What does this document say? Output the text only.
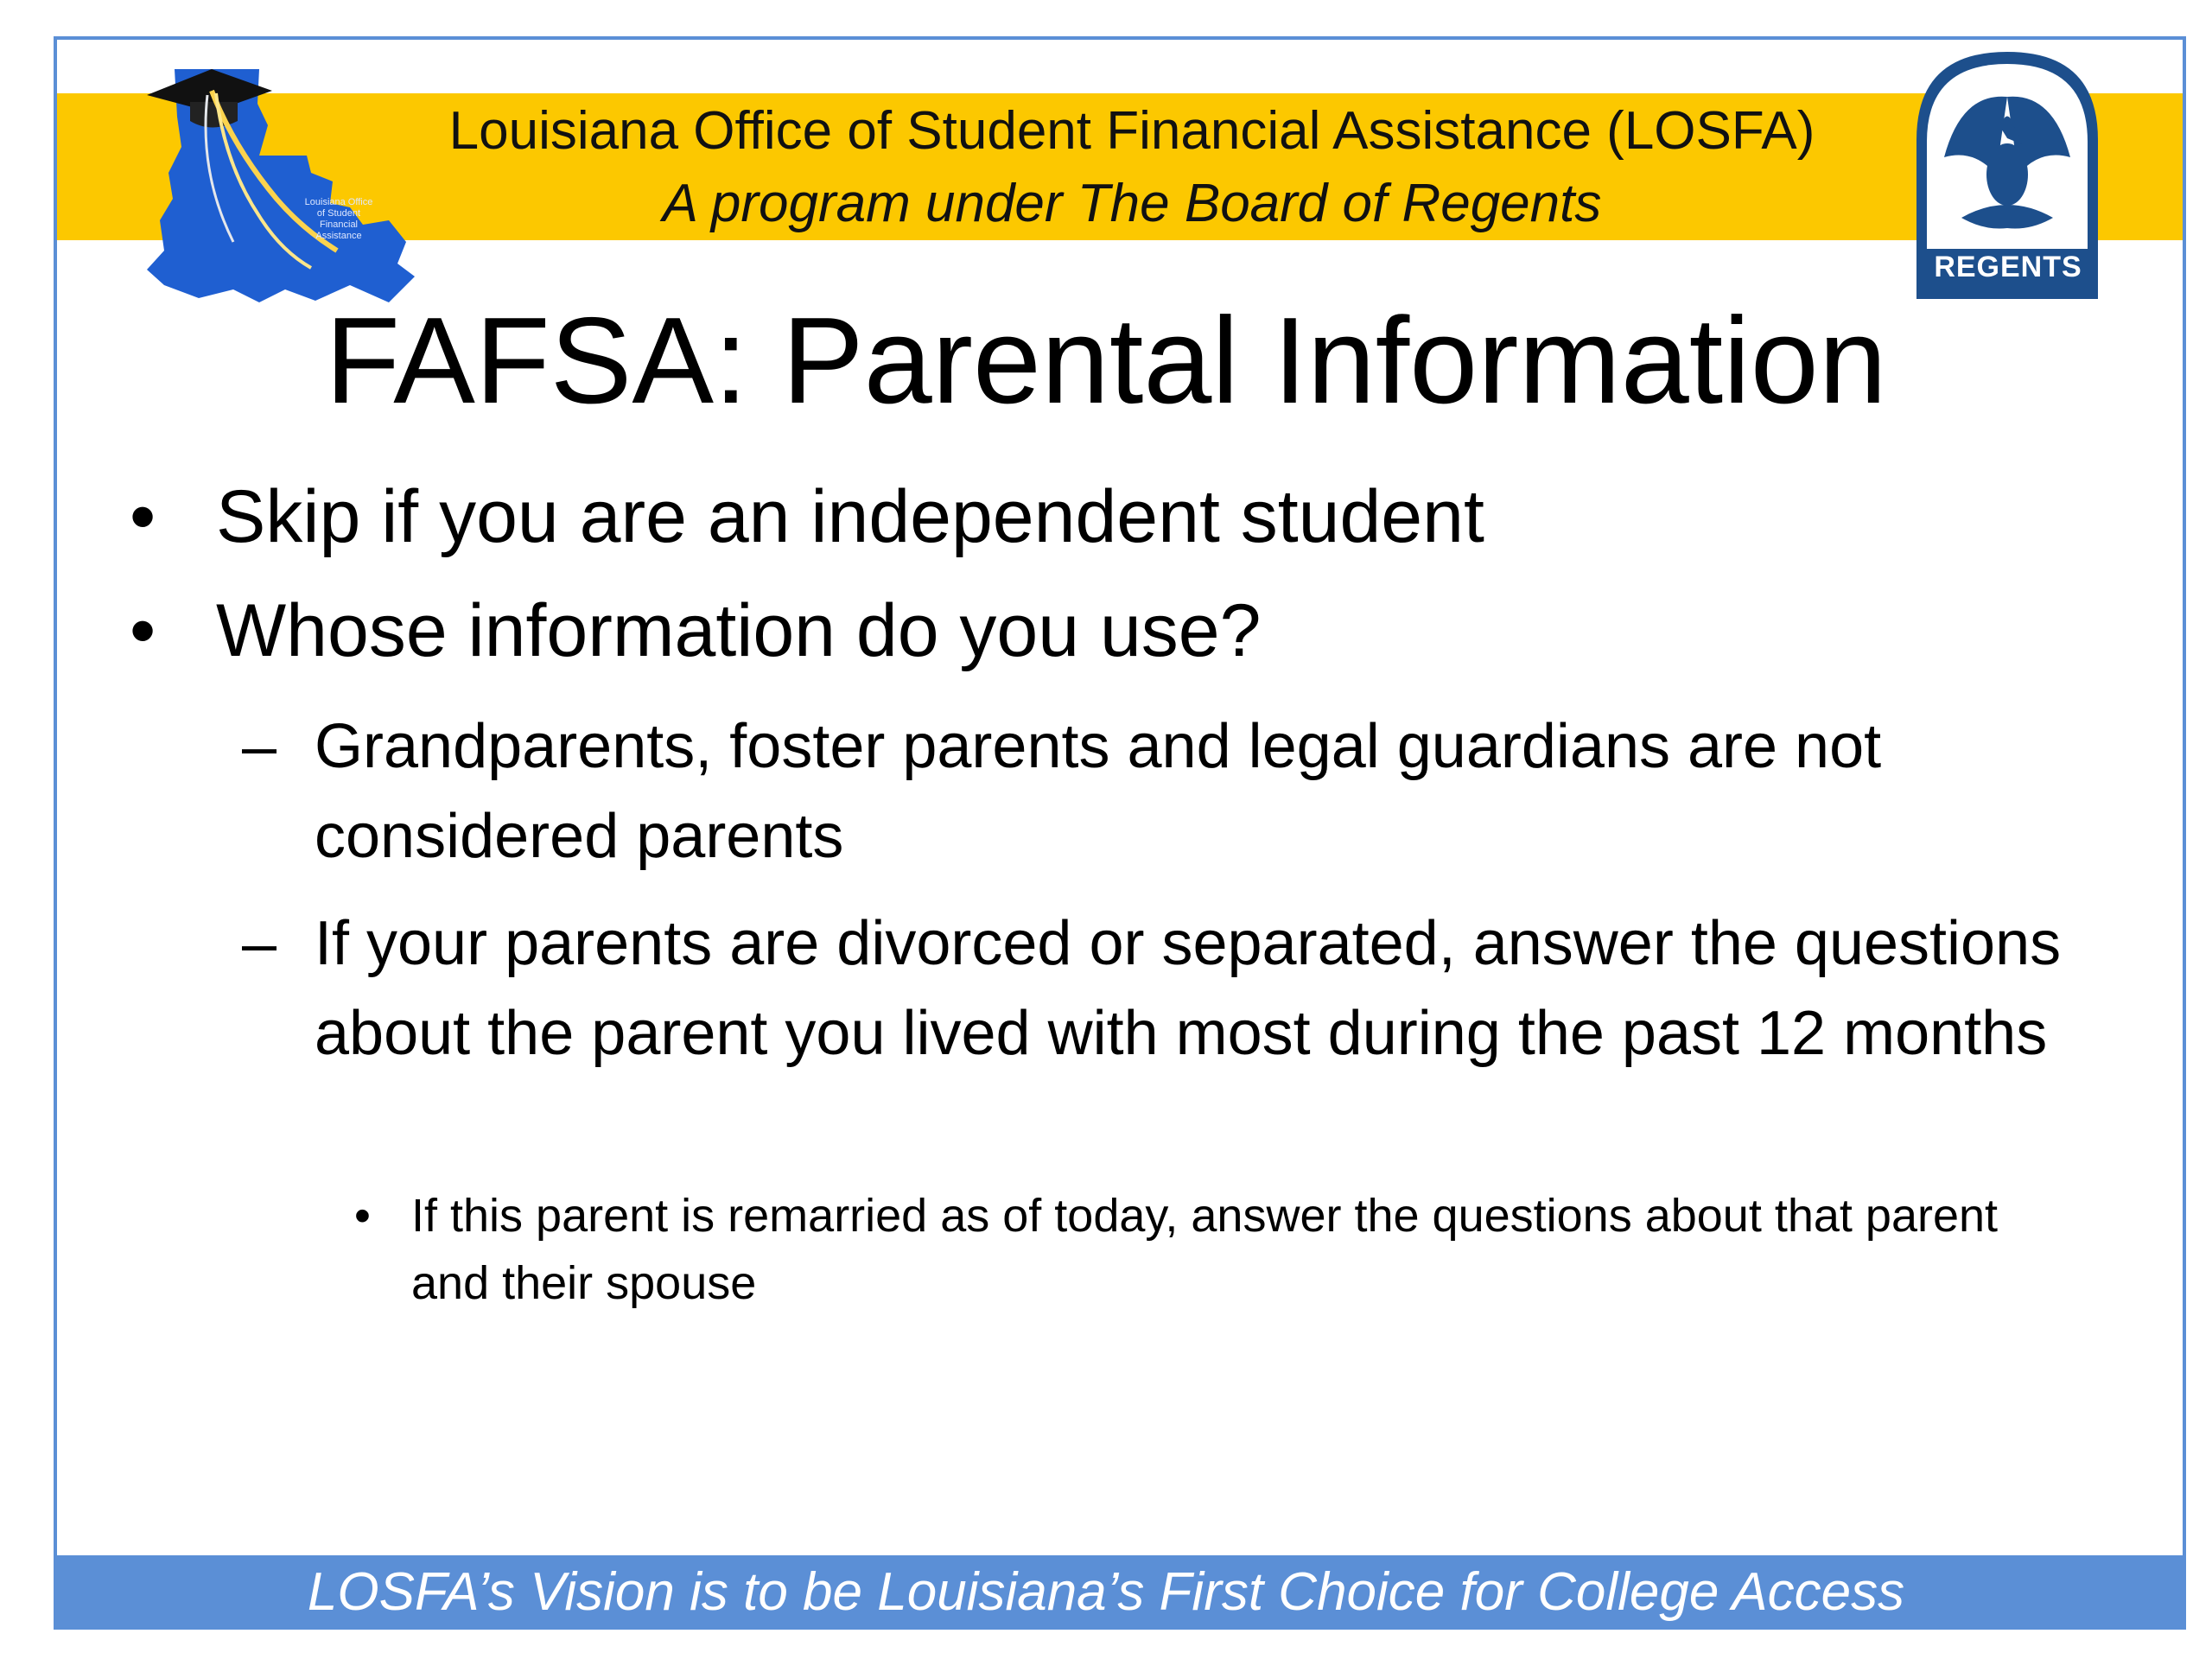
Louisiana Office of Student Financial Assistance
REGENTS
Louisiana Office of Student Financial Assistance (LOSFA)
A program under The Board of Regents
FAFSA: Parental Information
• Skip if you are an independent student
• Whose information do you use?
– Grandparents, foster parents and legal guardians are not considered parents
– If your parents are divorced or separated, answer the questions about the parent you lived with most during the past 12 months
• If this parent is remarried as of today, answer the questions about that parent and their spouse
LOSFA’s Vision is to be Louisiana’s First Choice for College Access
